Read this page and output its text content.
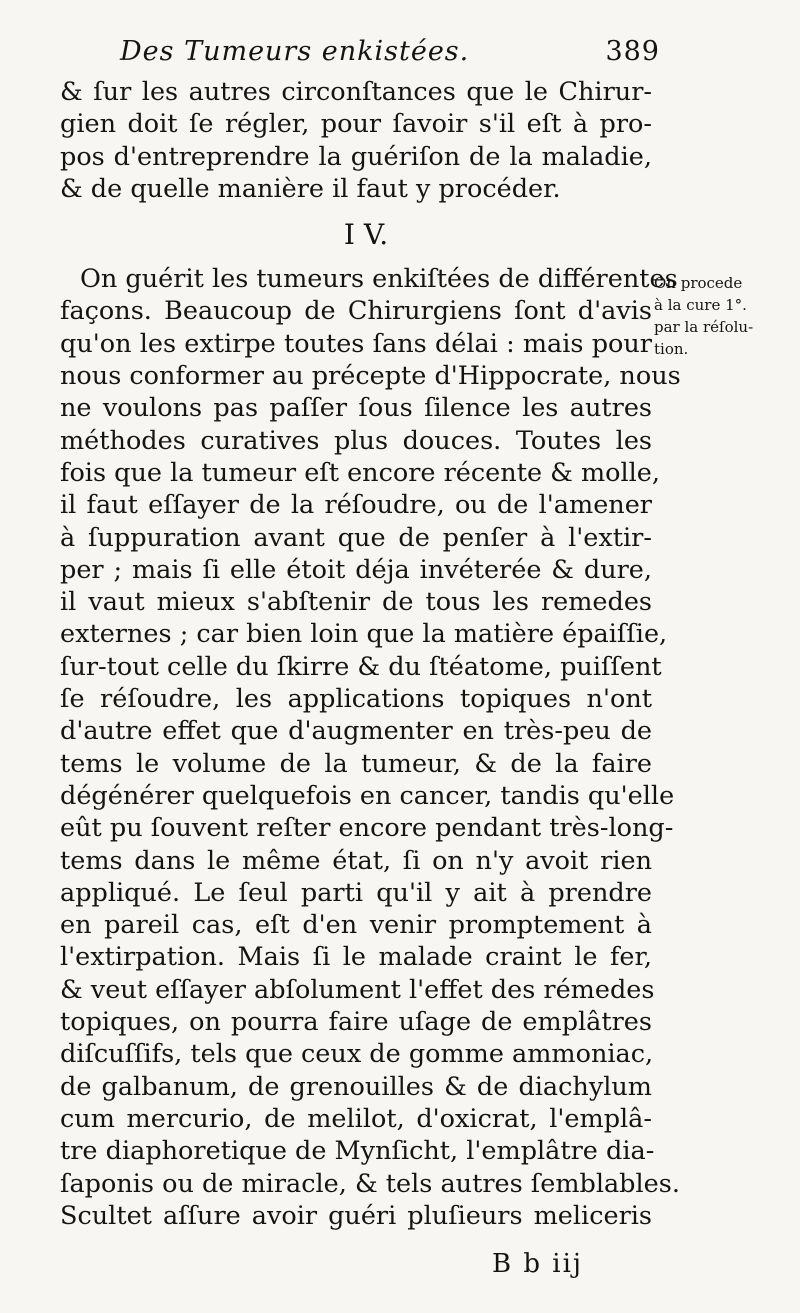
Des Tumeurs enkistées.	389
& ſur les autres circonſtances que le Chirur-
gien doit ſe régler, pour ſavoir s'il eſt à pro-
pos d'entreprendre la guériſon de la maladie,
& de quelle manière il faut y procéder.
I V.
On guérit les tumeurs enkiſtées de différentes
façons. Beaucoup de Chirurgiens ſont d'avis
qu'on les extirpe toutes ſans délai : mais pour
nous conformer au précepte d'Hippocrate, nous
ne voulons pas paſſer ſous ſilence les autres
méthodes curatives plus douces. Toutes les
fois que la tumeur eſt encore récente & molle,
il faut eſſayer de la réſoudre, ou de l'amener
à ſuppuration avant que de penſer à l'extir-
per ; mais ſi elle étoit déja invéterée & dure,
il vaut mieux s'abſtenir de tous les remedes
externes ; car bien loin que la matière épaiſſie,
ſur-tout celle du ſkirre & du ſtéatome, puiſſent
ſe réſoudre, les applications topiques n'ont
d'autre effet que d'augmenter en très-peu de
tems le volume de la tumeur, & de la faire
dégénérer quelquefois en cancer, tandis qu'elle
eût pu ſouvent reſter encore pendant très-long-
tems dans le même état, ſi on n'y avoit rien
appliqué. Le ſeul parti qu'il y ait à prendre
en pareil cas, eſt d'en venir promptement à
l'extirpation. Mais ſi le malade craint le fer,
& veut eſſayer abſolument l'effet des rémedes
topiques, on pourra faire uſage de emplâtres
diſcuſſifs, tels que ceux de gomme ammoniac,
de galbanum, de grenouilles & de diachylum
cum mercurio, de melilot, d'oxicrat, l'emplâ-
tre diaphoretique de Mynſicht, l'emplâtre dia-
ſaponis ou de miracle, & tels autres ſemblables.
Scultet aſſure avoir guéri pluſieurs meliceris
On procede
à la cure 1°.
par la réſolu-
tion.
B b iij
